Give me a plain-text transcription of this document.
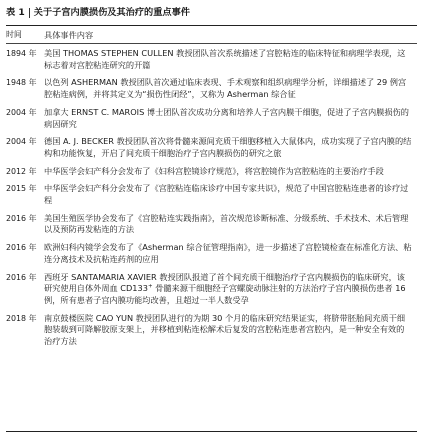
表 1 关于子宫内膜损伤及其治疗的重点事件
时间	具体事件内容
1894 年 美国 THOMAS STEPHEN CULLEN 教授团队首次系统描述了宫腔粘连的临床特征和病理学表现，这标志着对宫腔粘连研究的开篇
1948 年 以色列 ASHERMAN 教授团队首次通过临床表现、手术观察和组织病理学分析，详细描述了 29 例宫腔粘连病例，并将其定义为“损伤性闭经”，又称为 Asherman 综合征
2004 年 加拿大 ERNST C. MAROIS 博士团队首次成功分离和培养人子宫内膜干细胞，促进了子宫内膜损伤的病因研究
2004 年 德国 A. J. BECKER 教授团队首次将骨髓来源间充质干细胞移植入大鼠体内，成功实现了子宫内膜的结构和功能恢复，开启了间充质干细胞治疗子宫内膜损伤的研究之旅
2012 年 中华医学会妇产科分会发布了《妇科宫腔镜诊疗规范》，将宫腔镜作为宫腔粘连的主要治疗手段
2015 年 中华医学会妇产科分会发布了《宫腔粘连临床诊疗中国专家共识》，规范了中国宫腔粘连患者的诊疗过程
2016 年 美国生殖医学协会发布了《宫腔粘连实践指南》，首次规范诊断标准、分级系统、手术技术、术后管理以及预防再发粘连的方法
2016 年 欧洲妇科内镜学会发布了《Asherman 综合征管理指南》，进一步描述了宫腔镜检查在标准化方法、粘连分离技术及抗粘连药剂的应用
2016 年 西班牙 SANTAMARIA XAVIER 教授团队报道了首个间充质干细胞治疗子宫内膜损伤的临床研究，该研究使用自体外周血 CD133+ 骨髓来源干细胞经子宫螺旋动脉注射的方法治疗子宫内膜损伤患者 16 例，所有患者子宫内膜功能均改善，且超过一半人数受孕
2018 年 南京鼓楼医院 CAO YUN 教授团队进行的为期 30 个月的临床研究结果证实，将脐带胚胎间充质干细胞装载到可降解胶原支架上，并移植到粘连松解术后复发的宫腔粘连患者宫腔内，是一种安全有效的治疗方法
